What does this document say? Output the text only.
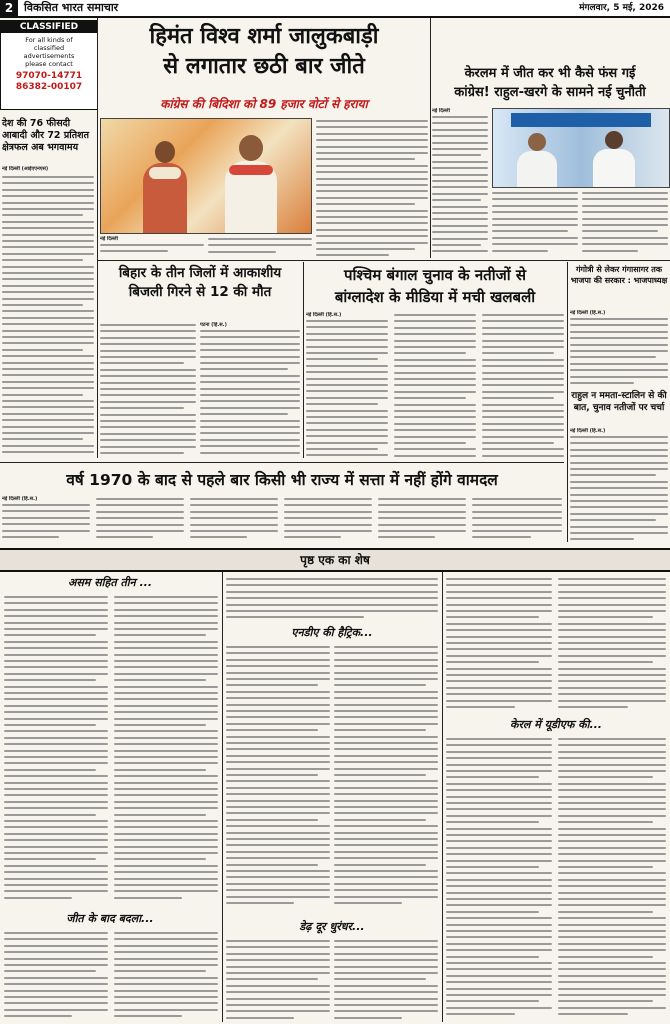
2 विकसित भारत समाचार	मंगलवार, 5 मई, 2026
CLASSIFIED
For all kinds of
classified
advertisements
please contact
97070-14771
86382-00107
देश की 76 फीसदी आबादी और 72 प्रतिशत क्षेत्रफल अब भगवामय
नई दिल्ली (आईएएनएस)
हिमंत विश्व शर्मा जालुकबाड़ी
से लगातार छठी बार जीते
कांग्रेस की बिदिशा को 89 हजार वोटों से हराया
नई दिल्ली
केरलम में जीत कर भी कैसे फंस गई
कांग्रेस! राहुल-खरगे के सामने नई चुनौती
नई दिल्ली
बिहार के तीन जिलों में आकाशीय बिजली गिरने से 12 की मौत
पटना (हि.स.)
पश्चिम बंगाल चुनाव के नतीजों से
बांग्लादेश के मीडिया में मची खलबली
नई दिल्ली (हि.स.)
गंगोत्री से लेकर गंगासागर तक भाजपा की सरकार : भाजपाध्यक्ष
नई दिल्ली (हि.स.)
राहुल न ममता-स्टालिन से की बात, चुनाव नतीजों पर चर्चा
नई दिल्ली (हि.स.)
वर्ष 1970 के बाद से पहले बार किसी भी राज्य में सत्ता में नहीं होंगे वामदल
नई दिल्ली (हि.स.)
पृष्ठ एक का शेष
असम सहित तीन ...
जीत के बाद बदला...
एनडीए की हैट्रिक...
डेढ़ दूर धुरंधर...
केरल में यूडीएफ की...
